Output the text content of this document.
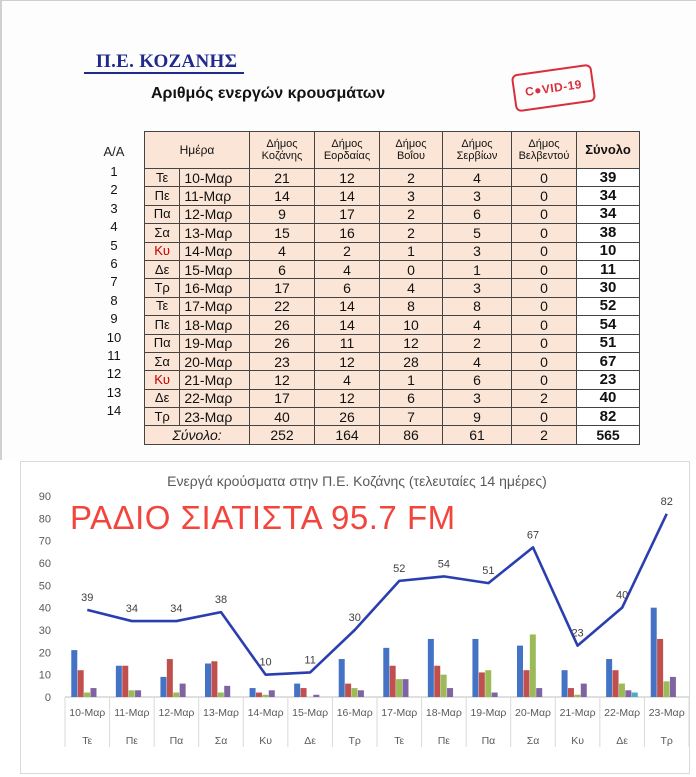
Π.Ε. ΚΟΖΑΝΗΣ
Αριθμός ενεργών κρουσμάτων	C●VID-19
Α/Α
1
2
3
4
5
6
7
8
9
10
11
12
13
14
Ημέρα		Δήμος Κοζάνης	Δήμος Εορδαίας	Δήμος Βοΐου	Δήμος Σερβίων	Δήμος Βελβεντού	Σύνολο
Τε	10-Μαρ	21	12	2	4	0	39
Πε	11-Μαρ	14	14	3	3	0	34
Πα	12-Μαρ	9	17	2	6	0	34
Σα	13-Μαρ	15	16	2	5	0	38
Κυ	14-Μαρ	4	2	1	3	0	10
Δε	15-Μαρ	6	4	0	1	0	11
Τρ	16-Μαρ	17	6	4	3	0	30
Τε	17-Μαρ	22	14	8	8	0	52
Πε	18-Μαρ	26	14	10	4	0	54
Πα	19-Μαρ	26	11	12	2	0	51
Σα	20-Μαρ	23	12	28	4	0	67
Κυ	21-Μαρ	12	4	1	6	0	23
Δε	22-Μαρ	17	12	6	3	2	40
Τρ	23-Μαρ	40	26	7	9	0	82
Σύνολο:		252	164	86	61	2	565
Ενεργά κρούσματα στην Π.Ε. Κοζάνης (τελευταίες 14 ημέρες)
0
10
20
30
40
50
60
70
80
90
10-Μαρ
Τε
11-Μαρ
Πε
12-Μαρ
Πα
13-Μαρ
Σα
14-Μαρ
Κυ
15-Μαρ
Δε
16-Μαρ
Τρ
17-Μαρ
Τε
18-Μαρ
Πε
19-Μαρ
Πα
20-Μαρ
Σα
21-Μαρ
Κυ
22-Μαρ
Δε
23-Μαρ
Τρ
39
34	34
38
10	11
30
52	54
51
67
23
40
82
ΡΑΔΙΟ ΣΙΑΤΙΣΤΑ 95.7 FM
